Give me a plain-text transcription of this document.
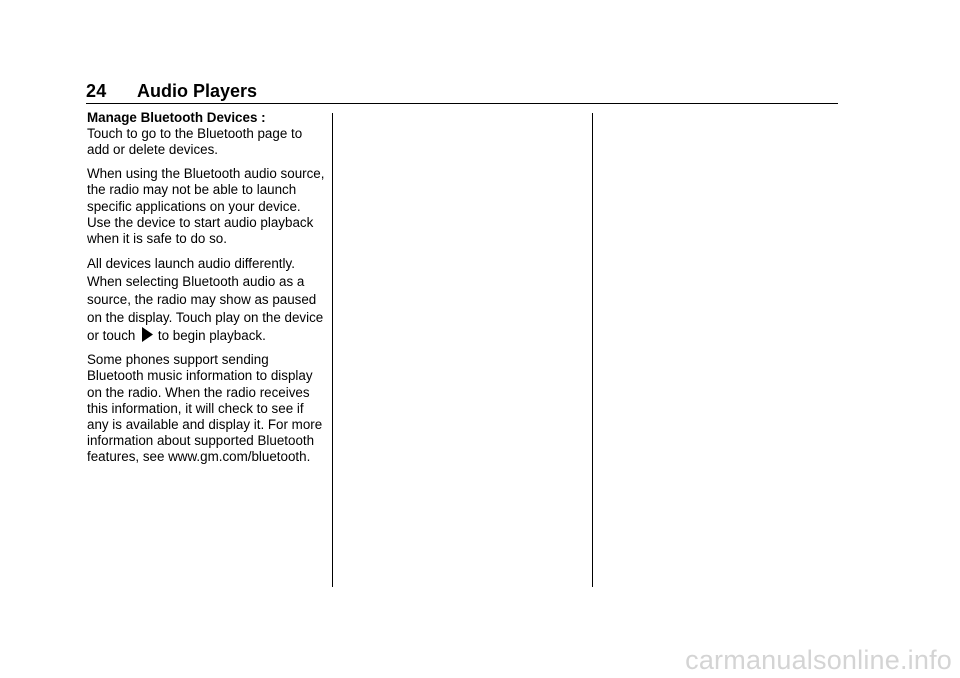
24 Audio Players

Manage Bluetooth Devices :
Touch to go to the Bluetooth page to add or delete devices.

When using the Bluetooth audio source, the radio may not be able to launch specific applications on your device. Use the device to start audio playback when it is safe to do so.

All devices launch audio differently. When selecting Bluetooth audio as a source, the radio may show as paused on the display. Touch play on the device or touch to begin playback.

Some phones support sending Bluetooth music information to display on the radio. When the radio receives this information, it will check to see if any is available and display it. For more information about supported Bluetooth features, see www.gm.com/bluetooth.

carmanualsonline.info
